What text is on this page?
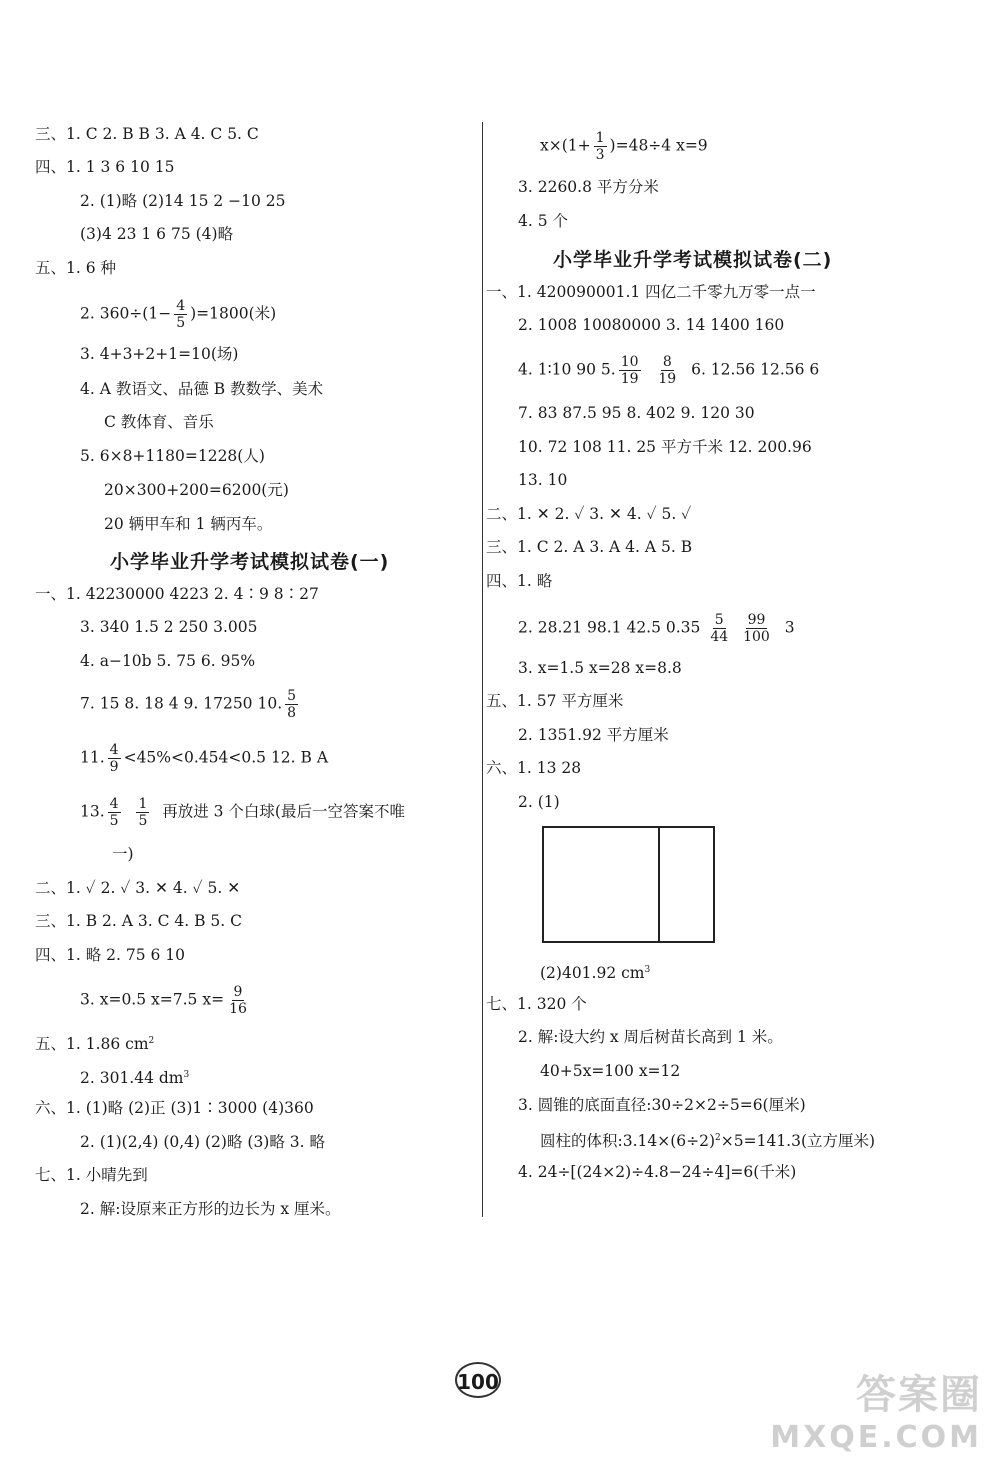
三、1. C 2. B B 3. A 4. C 5. C
四、1. 1 3 6 10 15
2. (1)略 (2)14 15 2 −10 25
(3)4 23 1 6 75 (4)略
五、1. 6 种
2. $360\div(1- \frac{4}{5} )=1800$(米)
3. 4+3+2+1=10(场)
4. A 教语文、品德 B 教数学、美术
C 教体育、音乐
5. 6×8+1180=1228(人)
20×300+200=6200(元)
20 辆甲车和 1 辆丙车。
小学毕业升学考试模拟试卷(一)
一、1. 42230000 4223 2. 4∶9 8∶27
3. 340 1.5 2 250 3.005
4. a−10b 5. 75 6. 95%
7. 15 8. 18 4 9. 17250 10. $\frac{5}{8}$
11. $\frac{4}{9} <45\%<0.454<0.5$ 12. B A
13. $\frac{4}{5}$
$\frac{1}{5}$ 再放进 3 个白球(最后一空答案不唯
一)
二、1. ✓ 2. ✓ 3. ✕ 4. ✓ 5. ✕
三、1. B 2. A 3. C 4. B 5. C
四、1. 略 2. 75 6 10
3. x=0.5 x=7.5 $x= \frac{9}{16}$
五、1. 1.86 $cm^2$
2. 301.44 $dm^3$
六、1. (1)略 (2)正 (3)1∶3000 (4)360
2. (1)(2,4) (0,4) (2)略 (3)略 3. 略
七、1. 小晴先到
2. 解:设原来正方形的边长为 x 厘米。
$x\times(1+ \frac{1}{3} )=48\div 4$ x=9
3. 2260.8 平方分米
4. 5 个
小学毕业升学考试模拟试卷(二)
一、1. 420090001.1 四亿二千零九万零一点一
2. 1008 10080000 3. 14 1400 160
4. 1∶10 90 5. $\frac{10}{19}$
$\frac{8}{19} 6$. 12.56 12.56 6
7. 83 87.5 95 8. 402 9. 120 30
10. 72 108 11. 25 平方千米 12. 200.96
13. 10
二、1. ✕ 2. ✓ 3. ✕ 4. ✓ 5. ✓
三、1. C 2. A 3. A 4. A 5. B
四、1. 略
2. 28.21 98.1 42.5 $0.35 \frac{5}{44}$
$\frac{99}{100} 3$
3. x=1.5 x=28 x=8.8
五、1. 57 平方厘米
2. 1351.92 平方厘米
六、1. 13 28
2. (1)
(2)401.92 $cm^3$
七、1. 320 个
2. 解:设大约 x 周后树苗长高到 1 米。
40+5x=100 x=12
3. 圆锥的底面直径:30÷2×2÷5=6(厘米)
圆柱的体积$:3.14\times(6\div 2)^2\times 5=141.3$(立方厘米)
4. 24÷[(24×2)÷4.8−24÷4]=6(千米)
100	答案圈
MXQE.COM
